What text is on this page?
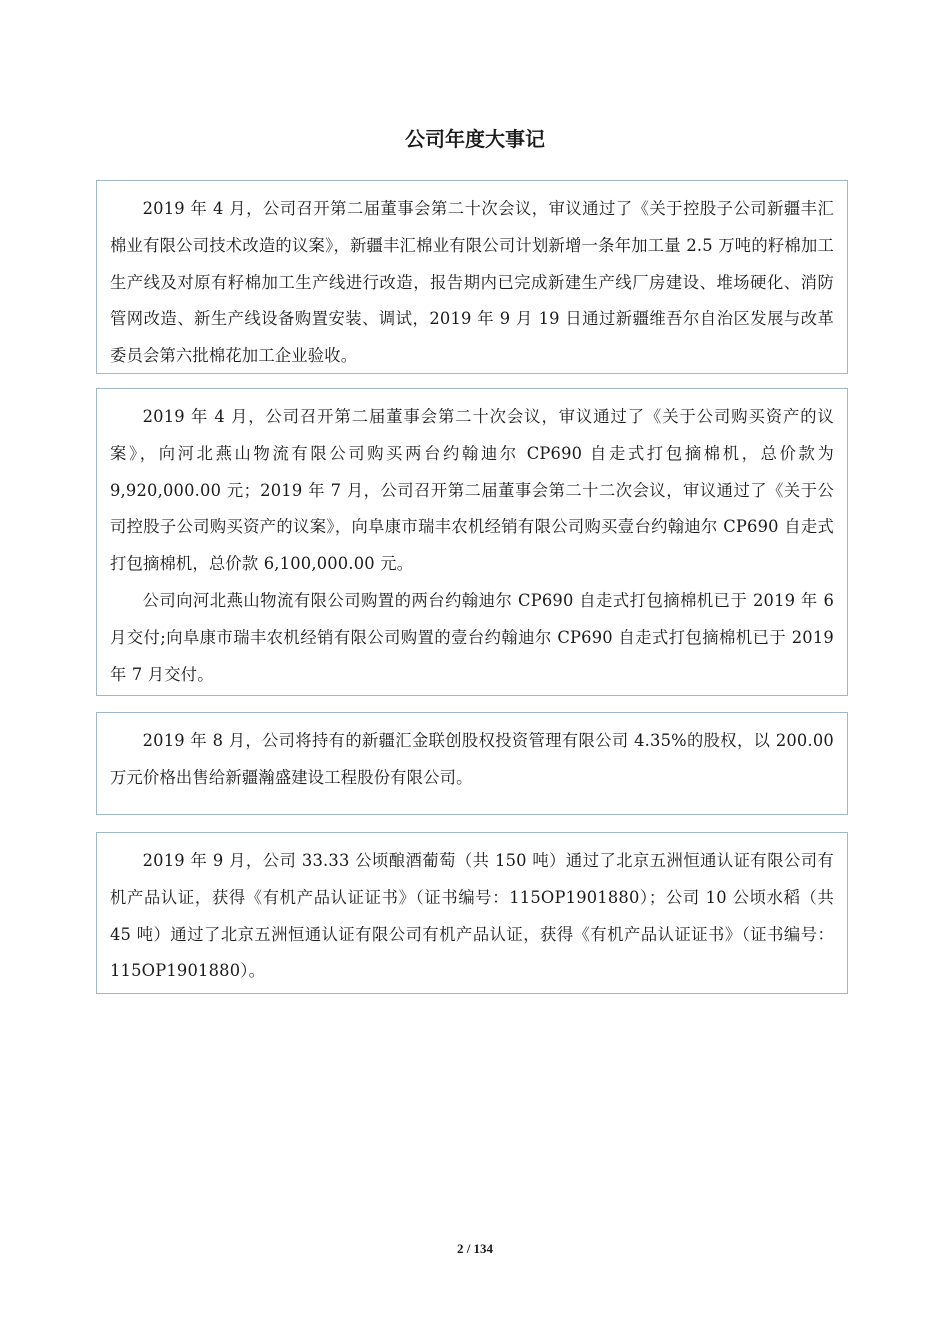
公司年度大事记

2019 年 4 月，公司召开第二届董事会第二十次会议，审议通过了《关于控股子公司新疆丰汇棉业有限公司技术改造的议案》，新疆丰汇棉业有限公司计划新增一条年加工量 2.5 万吨的籽棉加工生产线及对原有籽棉加工生产线进行改造，报告期内已完成新建生产线厂房建设、堆场硬化、消防管网改造、新生产线设备购置安装、调试，2019 年 9 月 19 日通过新疆维吾尔自治区发展与改革委员会第六批棉花加工企业验收。

2019 年 4 月，公司召开第二届董事会第二十次会议，审议通过了《关于公司购买资产的议案》，向河北燕山物流有限公司购买两台约翰迪尔 CP690 自走式打包摘棉机，总价款为 9,920,000.00 元；2019 年 7 月，公司召开第二届董事会第二十二次会议，审议通过了《关于公司控股子公司购买资产的议案》，向阜康市瑞丰农机经销有限公司购买壹台约翰迪尔 CP690 自走式打包摘棉机，总价款 6,100,000.00 元。

公司向河北燕山物流有限公司购置的两台约翰迪尔 CP690 自走式打包摘棉机已于 2019 年 6 月交付;向阜康市瑞丰农机经销有限公司购置的壹台约翰迪尔 CP690 自走式打包摘棉机已于 2019 年 7 月交付。

2019 年 8 月，公司将持有的新疆汇金联创股权投资管理有限公司 4.35%的股权，以 200.00 万元价格出售给新疆瀚盛建设工程股份有限公司。

2019 年 9 月，公司 33.33 公顷酿酒葡萄（共 150 吨）通过了北京五洲恒通认证有限公司有机产品认证，获得《有机产品认证证书》（证书编号：115OP1901880）；公司 10 公顷水稻（共 45 吨）通过了北京五洲恒通认证有限公司有机产品认证，获得《有机产品认证证书》（证书编号：115OP1901880）。

2 / 134
